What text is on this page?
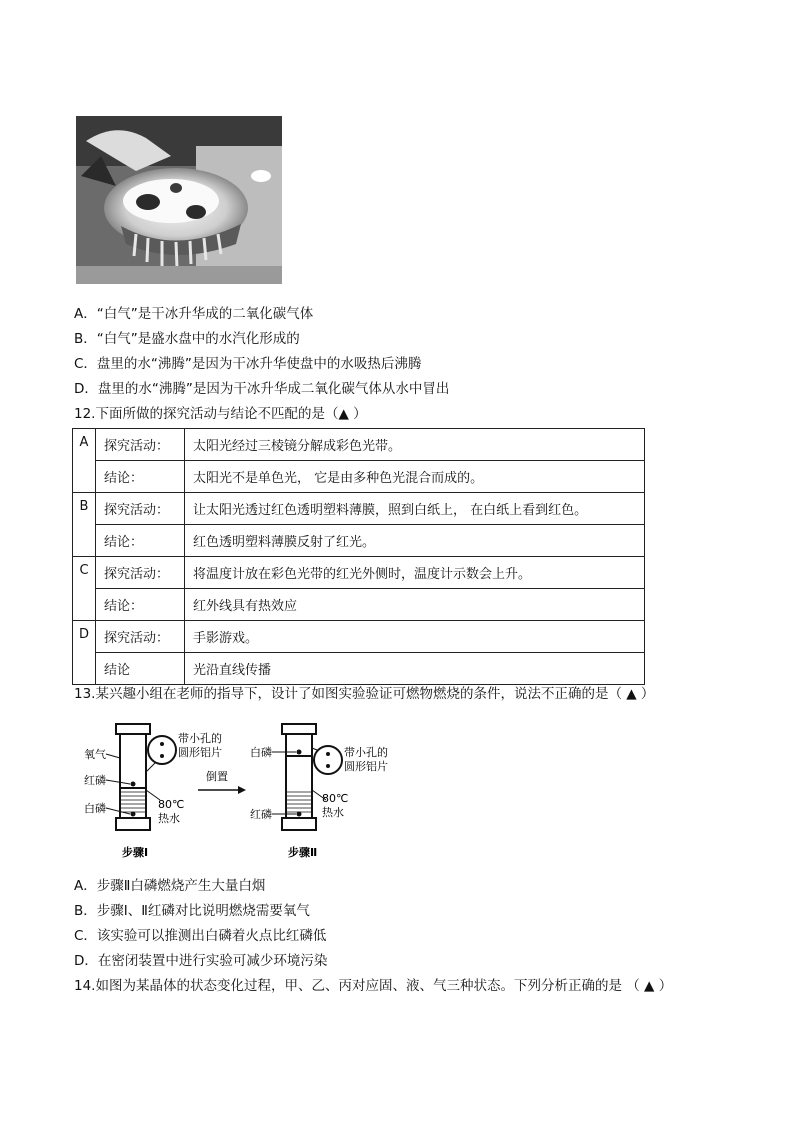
A．“白气”是干冰升华成的二氧化碳气体
B．“白气”是盛水盘中的水汽化形成的
C．盘里的水“沸腾”是因为干冰升华使盘中的水吸热后沸腾
D．盘里的水“沸腾”是因为干冰升华成二氧化碳气体从水中冒出
12.下面所做的探究活动与结论不匹配的是（▲ ）
A	探究活动：	太阳光经过三棱镜分解成彩色光带。
	结论：	太阳光不是单色光， 它是由多种色光混合而成的。
B	探究活动：	让太阳光透过红色透明塑料薄膜，照到白纸上， 在白纸上看到红色。
	结论：	红色透明塑料薄膜反射了红光。
C	探究活动：	将温度计放在彩色光带的红光外侧时，温度计示数会上升。
	结论：	红外线具有热效应
D	探究活动：	手影游戏。
	结论	光沿直线传播
13.某兴趣小组在老师的指导下，设计了如图实验验证可燃物燃烧的条件，说法不正确的是（ ▲ ）
氧气
红磷
白磷
带小孔的
圆形铝片
80℃
热水
步骤Ⅰ
倒置
白磷
红磷
带小孔的
圆形铝片
80℃
热水
步骤Ⅱ
A．步骤Ⅱ白磷燃烧产生大量白烟
B．步骤Ⅰ、Ⅱ红磷对比说明燃烧需要氧气
C．该实验可以推测出白磷着火点比红磷低
D．在密闭装置中进行实验可减少环境污染
14.如图为某晶体的状态变化过程，甲、乙、丙对应固、液、气三种状态。下列分析正确的是 （ ▲ ）
